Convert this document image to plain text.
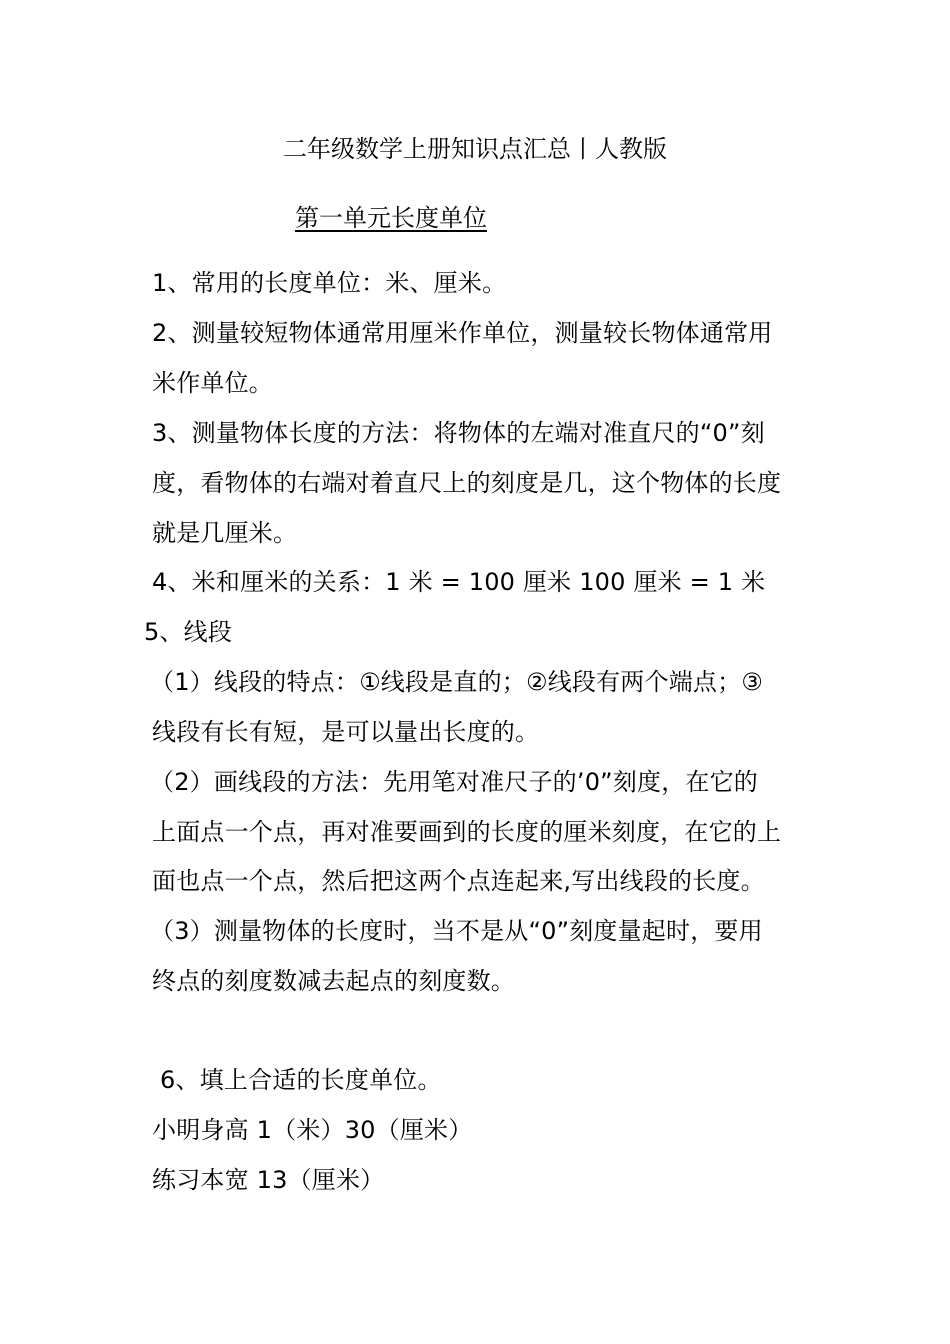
二年级数学上册知识点汇总丨人教版
第一单元长度单位
1、常用的长度单位：米、厘米。
2、测量较短物体通常用厘米作单位，测量较长物体通常用
米作单位。
3、测量物体长度的方法：将物体的左端对准直尺的“0”刻
度，看物体的右端对着直尺上的刻度是几，这个物体的长度
就是几厘米。
4、米和厘米的关系：1 米 = 100 厘米 100 厘米 = 1 米
5、线段
（1）线段的特点：①线段是直的；②线段有两个端点；③
线段有长有短，是可以量出长度的。
（2）画线段的方法：先用笔对准尺子的’0”刻度，在它的
上面点一个点，再对准要画到的长度的厘米刻度，在它的上
面也点一个点，然后把这两个点连起来,写出线段的长度。
（3）测量物体的长度时，当不是从“0”刻度量起时，要用
终点的刻度数减去起点的刻度数。
6、填上合适的长度单位。
小明身高 1（米）30（厘米）
练习本宽 13（厘米）
